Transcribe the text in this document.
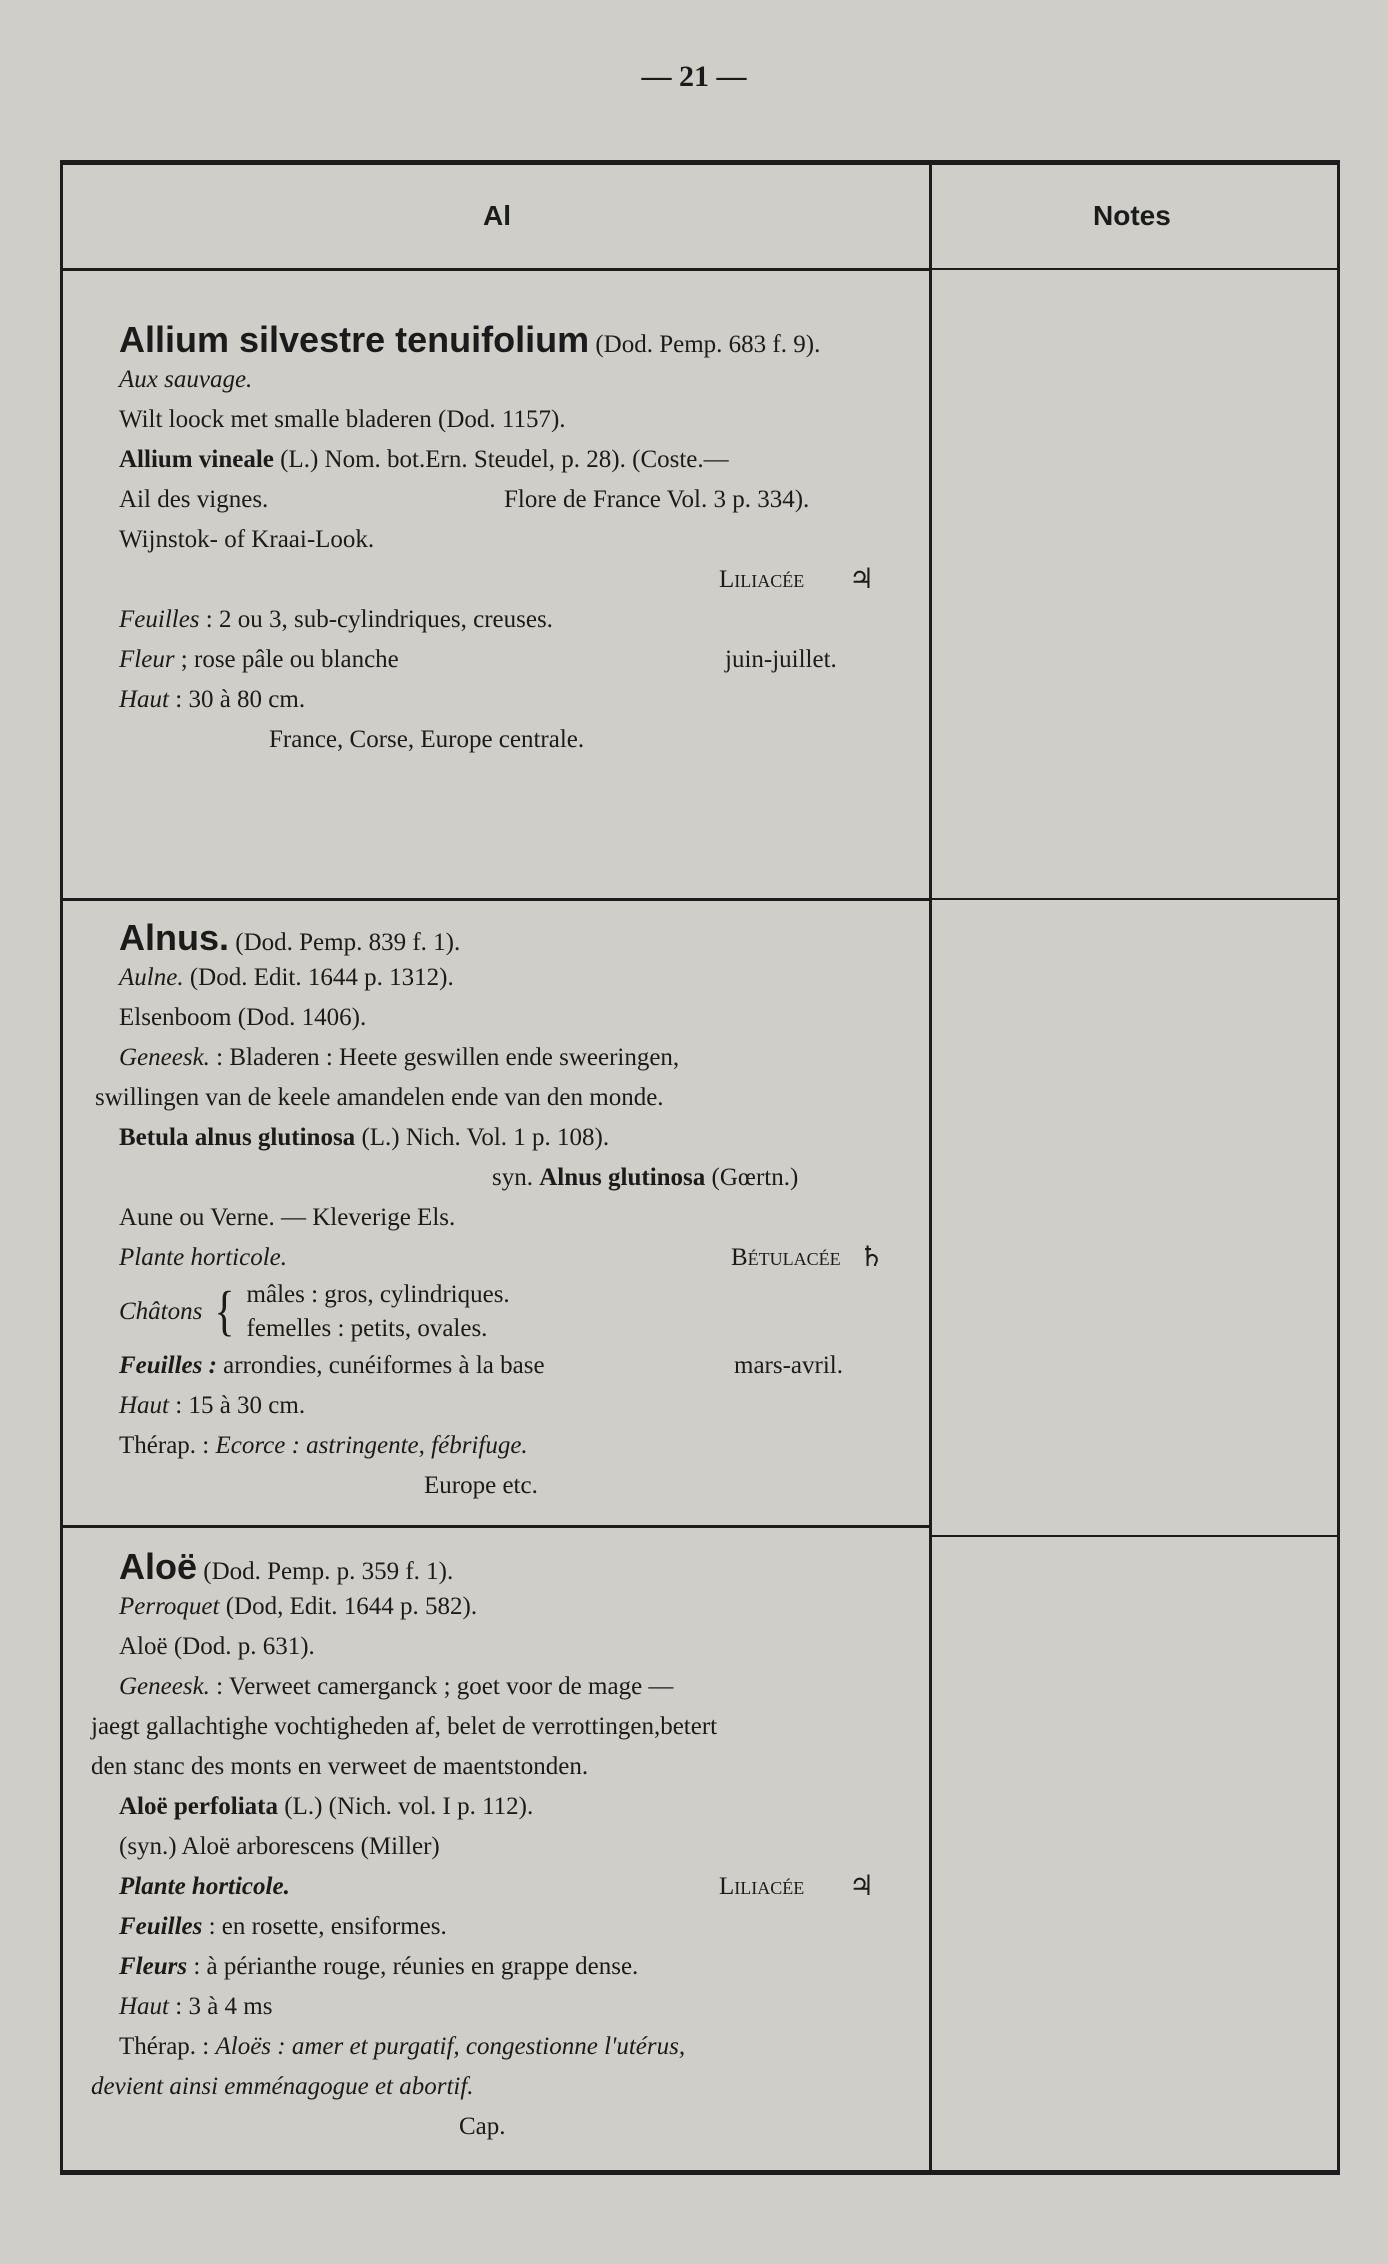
— 21 —
Al	Notes
Allium silvestre tenuifolium (Dod. Pemp. 683 f. 9).
Aux sauvage.
Wilt loock met smalle bladeren (Dod. 1157).
Allium vineale (L.) Nom. bot.Ern. Steudel, p. 28). (Coste.—
Ail des vignes.	Flore de France Vol. 3 p. 334).
Wijnstok- of Kraai-Look.
Liliacée ♃
Feuilles : 2 ou 3, sub-cylindriques, creuses.
Fleur ; rose pâle ou blanche	juin-juillet.
Haut : 30 à 80 cm.
France, Corse, Europe centrale.
Alnus. (Dod. Pemp. 839 f. 1).
Aulne. (Dod. Edit. 1644 p. 1312).
Elsenboom (Dod. 1406).
Geneesk. : Bladeren : Heete geswillen ende sweeringen,
swillingen van de keele amandelen ende van den monde.
Betula alnus glutinosa (L.) Nich. Vol. 1 p. 108).
syn. Alnus glutinosa (Gœrtn.)
Aune ou Verne. — Kleverige Els.
Plante horticole.	Bétulacée ♄
Châtons { mâles : gros, cylindriques.
femelles : petits, ovales.
Feuilles : arrondies, cunéiformes à la base	mars-avril.
Haut : 15 à 30 cm.
Thérap. : Ecorce : astringente, fébrifuge.
Europe etc.
Aloë (Dod. Pemp. p. 359 f. 1).
Perroquet (Dod, Edit. 1644 p. 582).
Aloë (Dod. p. 631).
Geneesk. : Verweet camerganck ; goet voor de mage —
jaegt gallachtighe vochtigheden af, belet de verrottingen,betert
den stanc des monts en verweet de maentstonden.
Aloë perfoliata (L.) (Nich. vol. I p. 112).
(syn.) Aloë arborescens (Miller)
Plante horticole.	Liliacée ♃
Feuilles : en rosette, ensiformes.
Fleurs : à périanthe rouge, réunies en grappe dense.
Haut : 3 à 4 ms
Thérap. : Aloës : amer et purgatif, congestionne l'utérus,
devient ainsi emménagogue et abortif.
Cap.
